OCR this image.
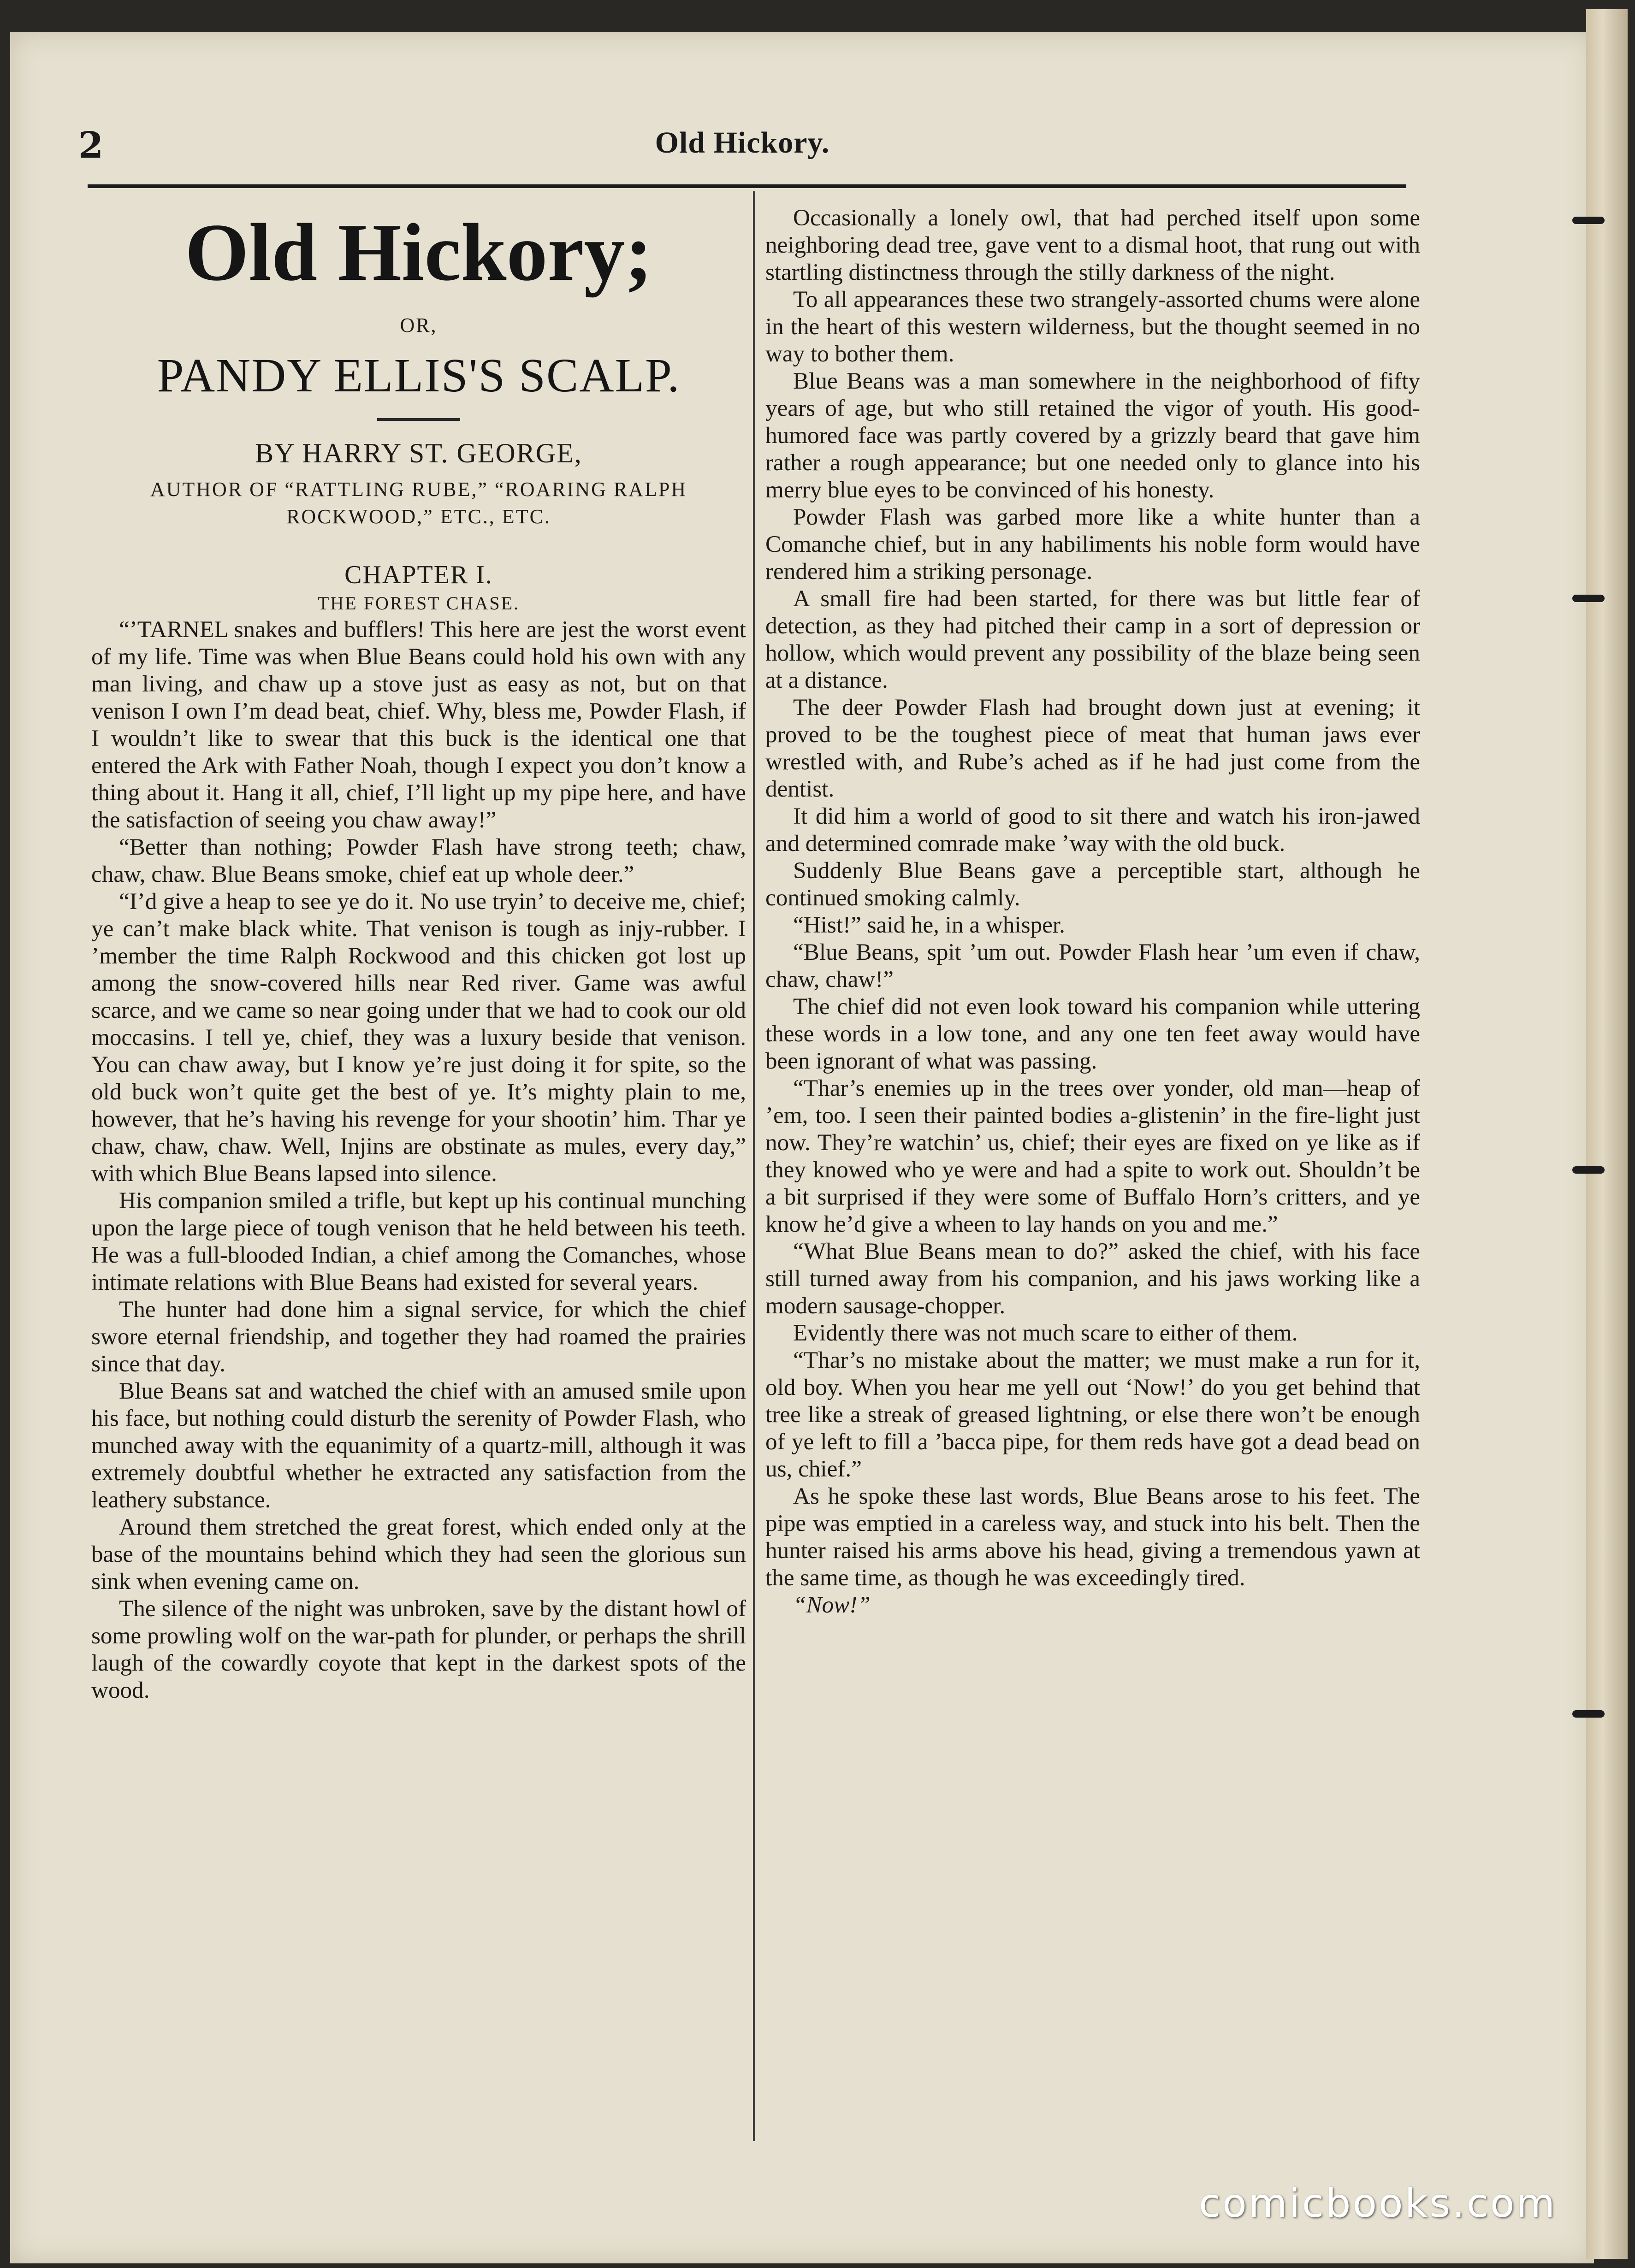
2	Old Hickory.
Old Hickory;
OR,
PANDY ELLIS'S SCALP.
BY HARRY ST. GEORGE,
AUTHOR OF “RATTLING RUBE,” “ROARING RALPH ROCKWOOD,” ETC., ETC.
CHAPTER I.
THE FOREST CHASE.

“’TARNEL snakes and bufflers! This here are jest the worst event of my life. Time was when Blue Beans could hold his own with any man living, and chaw up a stove just as easy as not, but on that venison I own I’m dead beat, chief. Why, bless me, Powder Flash, if I wouldn’t like to swear that this buck is the identical one that entered the Ark with Father Noah, though I expect you don’t know a thing about it. Hang it all, chief, I’ll light up my pipe here, and have the satisfaction of seeing you chaw away!”

“Better than nothing; Powder Flash have strong teeth; chaw, chaw, chaw. Blue Beans smoke, chief eat up whole deer.”

“I’d give a heap to see ye do it. No use tryin’ to deceive me, chief; ye can’t make black white. That venison is tough as injy-rubber. I ’member the time Ralph Rockwood and this chicken got lost up among the snow-covered hills near Red river. Game was awful scarce, and we came so near going under that we had to cook our old moccasins. I tell ye, chief, they was a luxury beside that venison. You can chaw away, but I know ye’re just doing it for spite, so the old buck won’t quite get the best of ye. It’s mighty plain to me, however, that he’s having his revenge for your shootin’ him. Thar ye chaw, chaw, chaw. Well, Injins are obstinate as mules, every day,” with which Blue Beans lapsed into silence.

His companion smiled a trifle, but kept up his continual munching upon the large piece of tough venison that he held between his teeth. He was a full-blooded Indian, a chief among the Comanches, whose intimate relations with Blue Beans had existed for several years.

The hunter had done him a signal service, for which the chief swore eternal friendship, and together they had roamed the prairies since that day.

Blue Beans sat and watched the chief with an amused smile upon his face, but nothing could disturb the serenity of Powder Flash, who munched away with the equanimity of a quartz-mill, although it was extremely doubtful whether he extracted any satisfaction from the leathery substance.

Around them stretched the great forest, which ended only at the base of the mountains behind which they had seen the glorious sun sink when evening came on.

The silence of the night was unbroken, save by the distant howl of some prowling wolf on the war-path for plunder, or perhaps the shrill laugh of the cowardly coyote that kept in the darkest spots of the wood.

Occasionally a lonely owl, that had perched itself upon some neighboring dead tree, gave vent to a dismal hoot, that rung out with startling distinctness through the stilly darkness of the night.

To all appearances these two strangely-assorted chums were alone in the heart of this western wilderness, but the thought seemed in no way to bother them.

Blue Beans was a man somewhere in the neighborhood of fifty years of age, but who still retained the vigor of youth. His good-humored face was partly covered by a grizzly beard that gave him rather a rough appearance; but one needed only to glance into his merry blue eyes to be convinced of his honesty.

Powder Flash was garbed more like a white hunter than a Comanche chief, but in any habiliments his noble form would have rendered him a striking personage.

A small fire had been started, for there was but little fear of detection, as they had pitched their camp in a sort of depression or hollow, which would prevent any possibility of the blaze being seen at a distance.

The deer Powder Flash had brought down just at evening; it proved to be the toughest piece of meat that human jaws ever wrestled with, and Rube’s ached as if he had just come from the dentist.

It did him a world of good to sit there and watch his iron-jawed and determined comrade make ’way with the old buck.

Suddenly Blue Beans gave a perceptible start, although he continued smoking calmly.

“Hist!” said he, in a whisper.

“Blue Beans, spit ’um out. Powder Flash hear ’um even if chaw, chaw, chaw!”

The chief did not even look toward his companion while uttering these words in a low tone, and any one ten feet away would have been ignorant of what was passing.

“Thar’s enemies up in the trees over yonder, old man—heap of ’em, too. I seen their painted bodies a-glistenin’ in the fire-light just now. They’re watchin’ us, chief; their eyes are fixed on ye like as if they knowed who ye were and had a spite to work out. Shouldn’t be a bit surprised if they were some of Buffalo Horn’s critters, and ye know he’d give a wheen to lay hands on you and me.”

“What Blue Beans mean to do?” asked the chief, with his face still turned away from his companion, and his jaws working like a modern sausage-chopper.

Evidently there was not much scare to either of them.

“Thar’s no mistake about the matter; we must make a run for it, old boy. When you hear me yell out ‘Now!’ do you get behind that tree like a streak of greased lightning, or else there won’t be enough of ye left to fill a ’bacca pipe, for them reds have got a dead bead on us, chief.”

As he spoke these last words, Blue Beans arose to his feet. The pipe was emptied in a careless way, and stuck into his belt. Then the hunter raised his arms above his head, giving a tremendous yawn at the same time, as though he was exceedingly tired.

“Now!”

comicbooks.com
